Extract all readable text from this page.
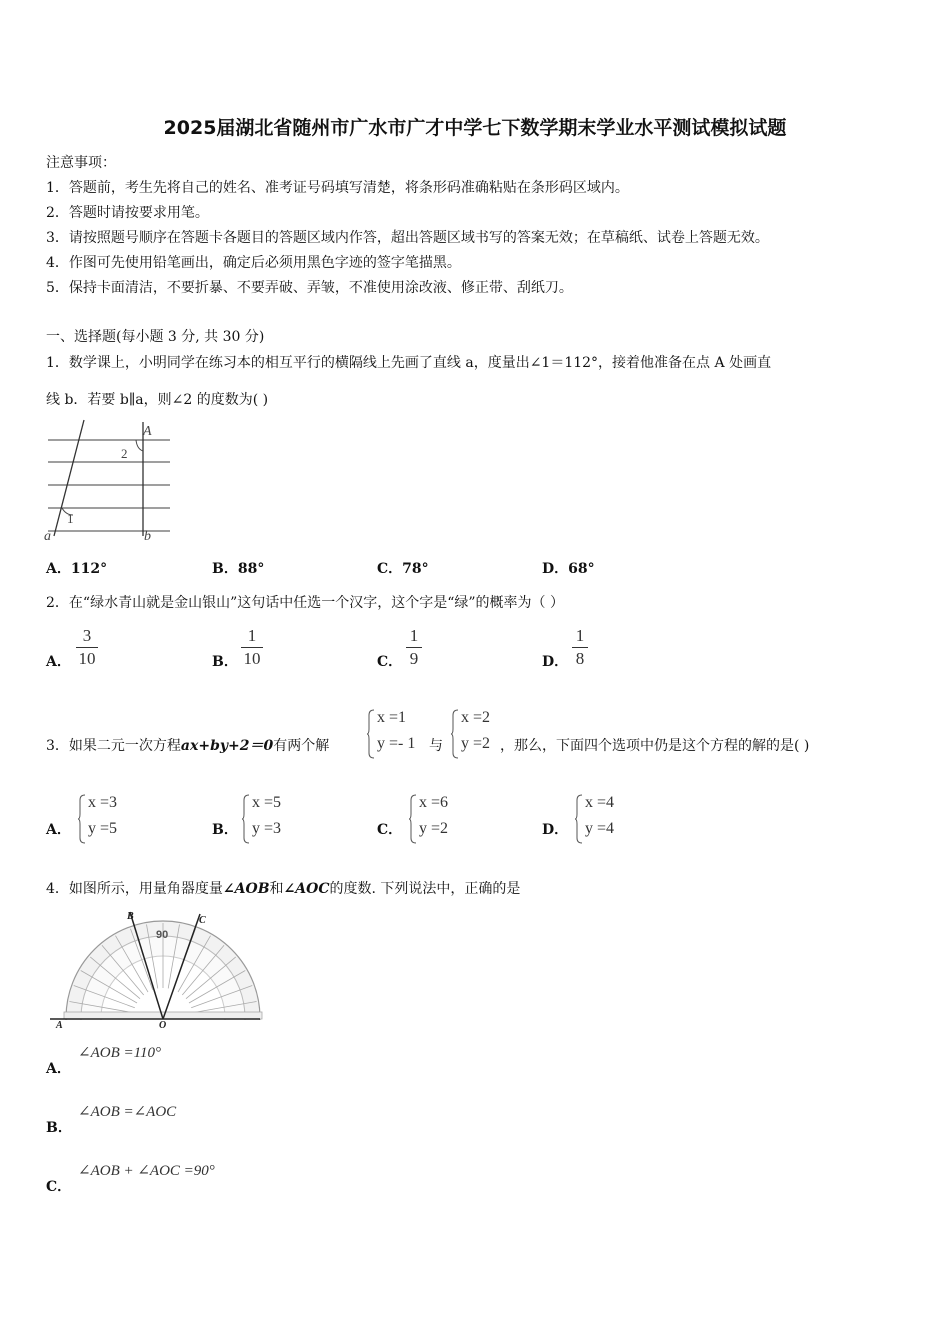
2025届湖北省随州市广水市广才中学七下数学期末学业水平测试模拟试题
注意事项：
1．答题前，考生先将自己的姓名、准考证号码填写清楚，将条形码准确粘贴在条形码区域内。
2．答题时请按要求用笔。
3．请按照题号顺序在答题卡各题目的答题区域内作答，超出答题区域书写的答案无效；在草稿纸、试卷上答题无效。
4．作图可先使用铅笔画出，确定后必须用黑色字迹的签字笔描黑。
5．保持卡面清洁，不要折暴、不要弄破、弄皱，不准使用涂改液、修正带、刮纸刀。
一、选择题(每小题 3 分, 共 30 分)
1．数学课上，小明同学在练习本的相互平行的横隔线上先画了直线 a，度量出∠1＝112°，接着他准备在点 A 处画直
线 b．若要 b∥a，则∠2 的度数为( )
a	b
A
1
2
A．112°	B．88°	C．78°	D．68°
2．在“绿水青山就是金山银山”这句话中任选一个汉字，这个字是“绿”的概率为（ ）
A．
3
10	B．
1
10	C．
1
9	D．
1
8
3．如果二元一次方程ax+by+2＝0有两个解
x =1
y =- 1 与
x =2
y =2 ，那么，下面四个选项中仍是这个方程的解的是( )
A．
x =3
y =5	B．
x =5
y =3	C．
x =6
y =2	D．
x =4
y =4
4．如图所示，用量角器度量∠AOB和∠AOC的度数. 下列说法中，正确的是
90
B	C
A	O
A．
∠AOB =110°
B．
∠AOB =∠AOC
C．
∠AOB + ∠AOC =90°
